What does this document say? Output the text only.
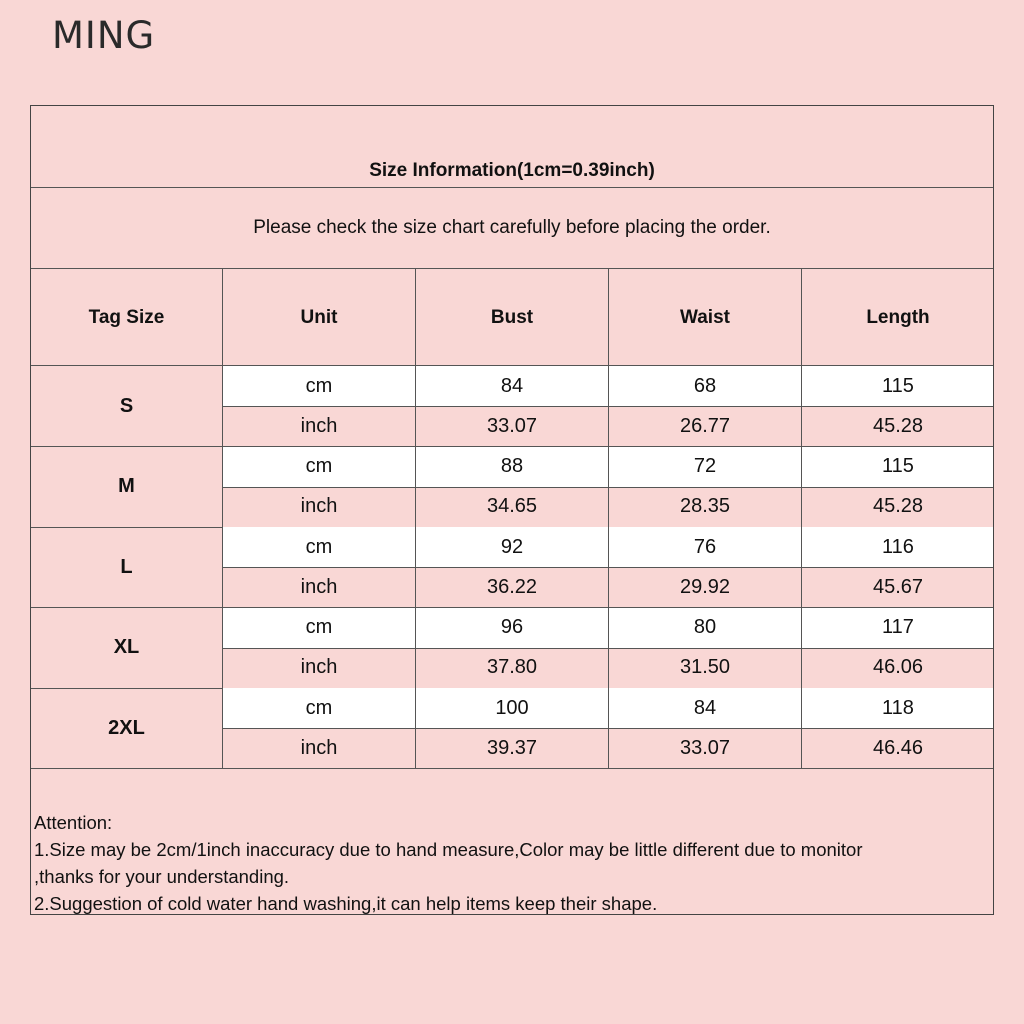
MING
Size Information(1cm=0.39inch)
Please check the size chart carefully before placing the order.
Tag Size	Unit	Bust	Waist	Length
S
cm	84	68	115
inch	33.07	26.77	45.28
M
cm	88	72	115
inch	34.65	28.35	45.28
L
cm	92	76	116
inch	36.22	29.92	45.67
XL
cm	96	80	117
inch	37.80	31.50	46.06
2XL
cm	100	84	118
inch	39.37	33.07	46.46
Attention:
1.Size may be 2cm/1inch inaccuracy due to hand measure,Color may be little different due to monitor
,thanks for your understanding.
2.Suggestion of cold water hand washing,it can help items keep their shape.
